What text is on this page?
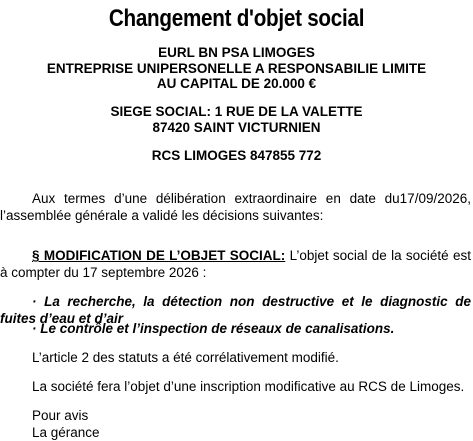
Changement d'objet social
EURL BN PSA LIMOGES
ENTREPRISE UNIPERSONELLE A RESPONSABILIE LIMITE
AU CAPITAL DE 20.000 €
SIEGE SOCIAL: 1 RUE DE LA VALETTE
87420 SAINT VICTURNIEN
RCS LIMOGES 847855 772
Aux termes d’une délibération extraordinaire en date du17/09/2026, l’assemblée générale a validé les décisions suivantes:
§ MODIFICATION DE L’OBJET SOCIAL: L’objet social de la société est à compter du 17 septembre 2026 :
· La recherche, la détection non destructive et le diagnostic de fuites d’eau et d’air
· Le contrôle et l’inspection de réseaux de canalisations.
L’article 2 des statuts a été corrélativement modifié.
La société fera l’objet d’une inscription modificative au RCS de Limoges.
Pour avis
La gérance
